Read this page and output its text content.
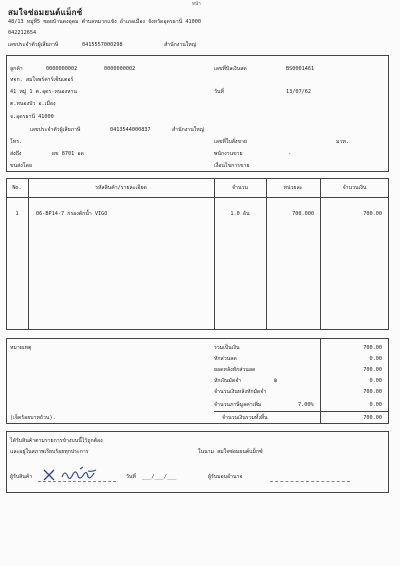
หน้า
สมใจซ่อมยนต์แม็กซ์
48/13 หมู่ที่5 ซอยบ้านดงอุดม ตำบลหมากแข้ง อำเภอเมือง จังหวัดอุดรธานี 41000
042212654
เลขประจำตัวผู้เสียภาษี	0415557000298	สำนักงานใหญ่
ลูกค้า	0000000002	0000000002
หจก. สมใจพร์ค่าร์เซ็นเตอร์
41 หมู่ 1 ต.อุดร-หนองหาน
ต.หนองบัว อ.เมือง
จ.อุดรธานี 41000
เลขประจำตัวผู้เสียภาษี	0413544000837	สำนักงานใหญ่
โทร.
ส่งถึง	ผข 8701 อด
ขนส่งโดย
เลขที่บิลเงินสด	BS0001461
วันที่	13/07/62
เลขที่ใบสั่งขาย	มวท.
พนักงานขาย	-
เงื่อนไขการขาย
No.	รหัสสินค้า/รายละเอียด	จำนวน	หน่วยละ	จำนวนเงิน
1	06-BP14-7 กรองดักน้ำ VIGO	1.0 อัน	700.000	700.00
หมายเหตุ
(เจ็ดร้อยบาทถ้วน).
รวมเป็นเงิน	700.00
หักส่วนลด	0.00
ยอดหลังหักส่วนลด	700.00
หักเงินมัดจำ	฿	0.00
จำนวนเงินหลังหักมัดจำ	700.00
จำนวนภาษีมูลค่าเพิ่ม	7.00%	0.00
จำนวนเงินรวมทั้งสิ้น	700.00
ได้รับสินค้าตามรายการข้างบนนี้ไว้ถูกต้อง
และอยู่ในสภาพเรียบร้อยทุกประการ	ในนาม สมใจซ่อมยนต์แม็กซ์
ผู้รับสินค้า	วันที่ ___/___/___	ผู้รับมอบอำนาจ
